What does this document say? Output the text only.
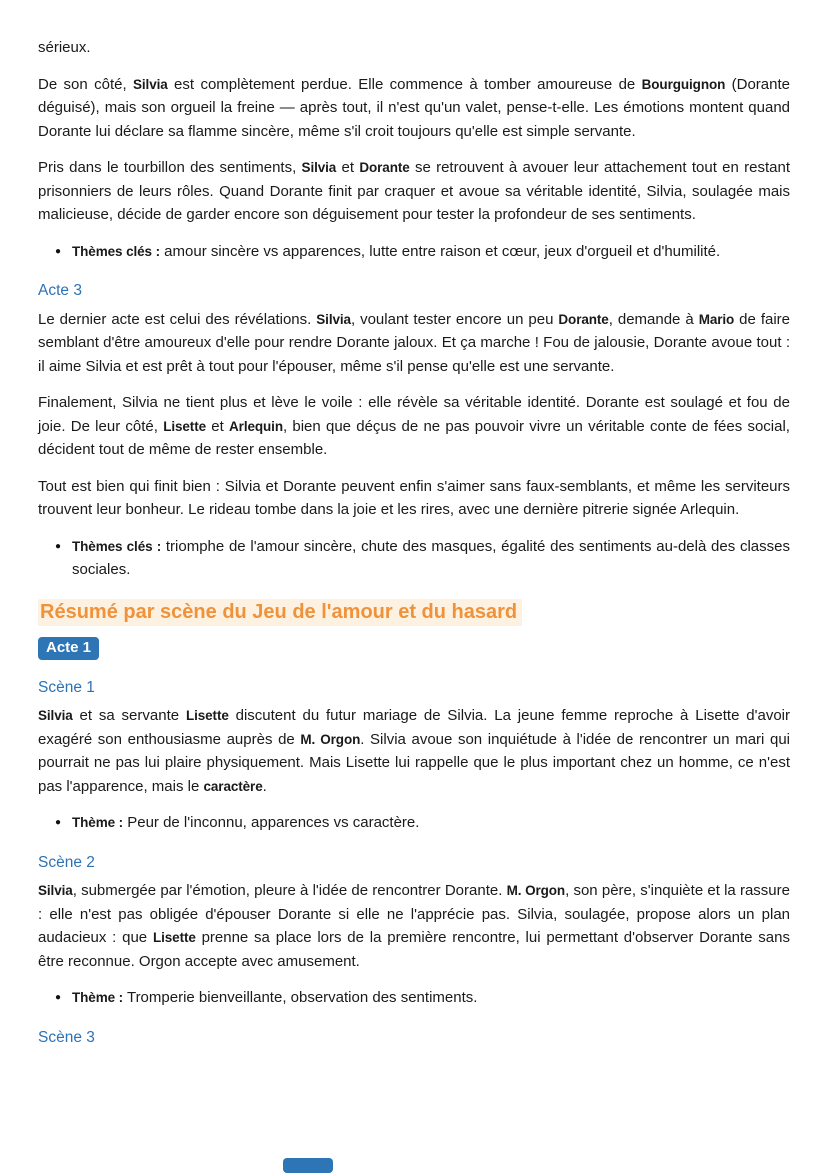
sérieux.

De son côté, Silvia est complètement perdue. Elle commence à tomber amoureuse de Bourguignon (Dorante déguisé), mais son orgueil la freine — après tout, il n'est qu'un valet, pense-t-elle. Les émotions montent quand Dorante lui déclare sa flamme sincère, même s'il croit toujours qu'elle est simple servante.

Pris dans le tourbillon des sentiments, Silvia et Dorante se retrouvent à avouer leur attachement tout en restant prisonniers de leurs rôles. Quand Dorante finit par craquer et avoue sa véritable identité, Silvia, soulagée mais malicieuse, décide de garder encore son déguisement pour tester la profondeur de ses sentiments.

● Thèmes clés : amour sincère vs apparences, lutte entre raison et cœur, jeux d'orgueil et d'humilité.
Acte 3

Le dernier acte est celui des révélations. Silvia, voulant tester encore un peu Dorante, demande à Mario de faire semblant d'être amoureux d'elle pour rendre Dorante jaloux. Et ça marche ! Fou de jalousie, Dorante avoue tout : il aime Silvia et est prêt à tout pour l'épouser, même s'il pense qu'elle est une servante.

Finalement, Silvia ne tient plus et lève le voile : elle révèle sa véritable identité. Dorante est soulagé et fou de joie. De leur côté, Lisette et Arlequin, bien que déçus de ne pas pouvoir vivre un véritable conte de fées social, décident tout de même de rester ensemble.

Tout est bien qui finit bien : Silvia et Dorante peuvent enfin s'aimer sans faux-semblants, et même les serviteurs trouvent leur bonheur. Le rideau tombe dans la joie et les rires, avec une dernière pitrerie signée Arlequin.

● Thèmes clés : triomphe de l'amour sincère, chute des masques, égalité des sentiments au-delà des classes sociales.
Résumé par scène du Jeu de l'amour et du hasard
Acte 1
Scène 1

Silvia et sa servante Lisette discutent du futur mariage de Silvia. La jeune femme reproche à Lisette d'avoir exagéré son enthousiasme auprès de M. Orgon. Silvia avoue son inquiétude à l'idée de rencontrer un mari qui pourrait ne pas lui plaire physiquement. Mais Lisette lui rappelle que le plus important chez un homme, ce n'est pas l'apparence, mais le caractère.

● Thème : Peur de l'inconnu, apparences vs caractère.
Scène 2

Silvia, submergée par l'émotion, pleure à l'idée de rencontrer Dorante. M. Orgon, son père, s'inquiète et la rassure : elle n'est pas obligée d'épouser Dorante si elle ne l'apprécie pas. Silvia, soulagée, propose alors un plan audacieux : que Lisette prenne sa place lors de la première rencontre, lui permettant d'observer Dorante sans être reconnue. Orgon accepte avec amusement.

● Thème : Tromperie bienveillante, observation des sentiments.
Scène 3
